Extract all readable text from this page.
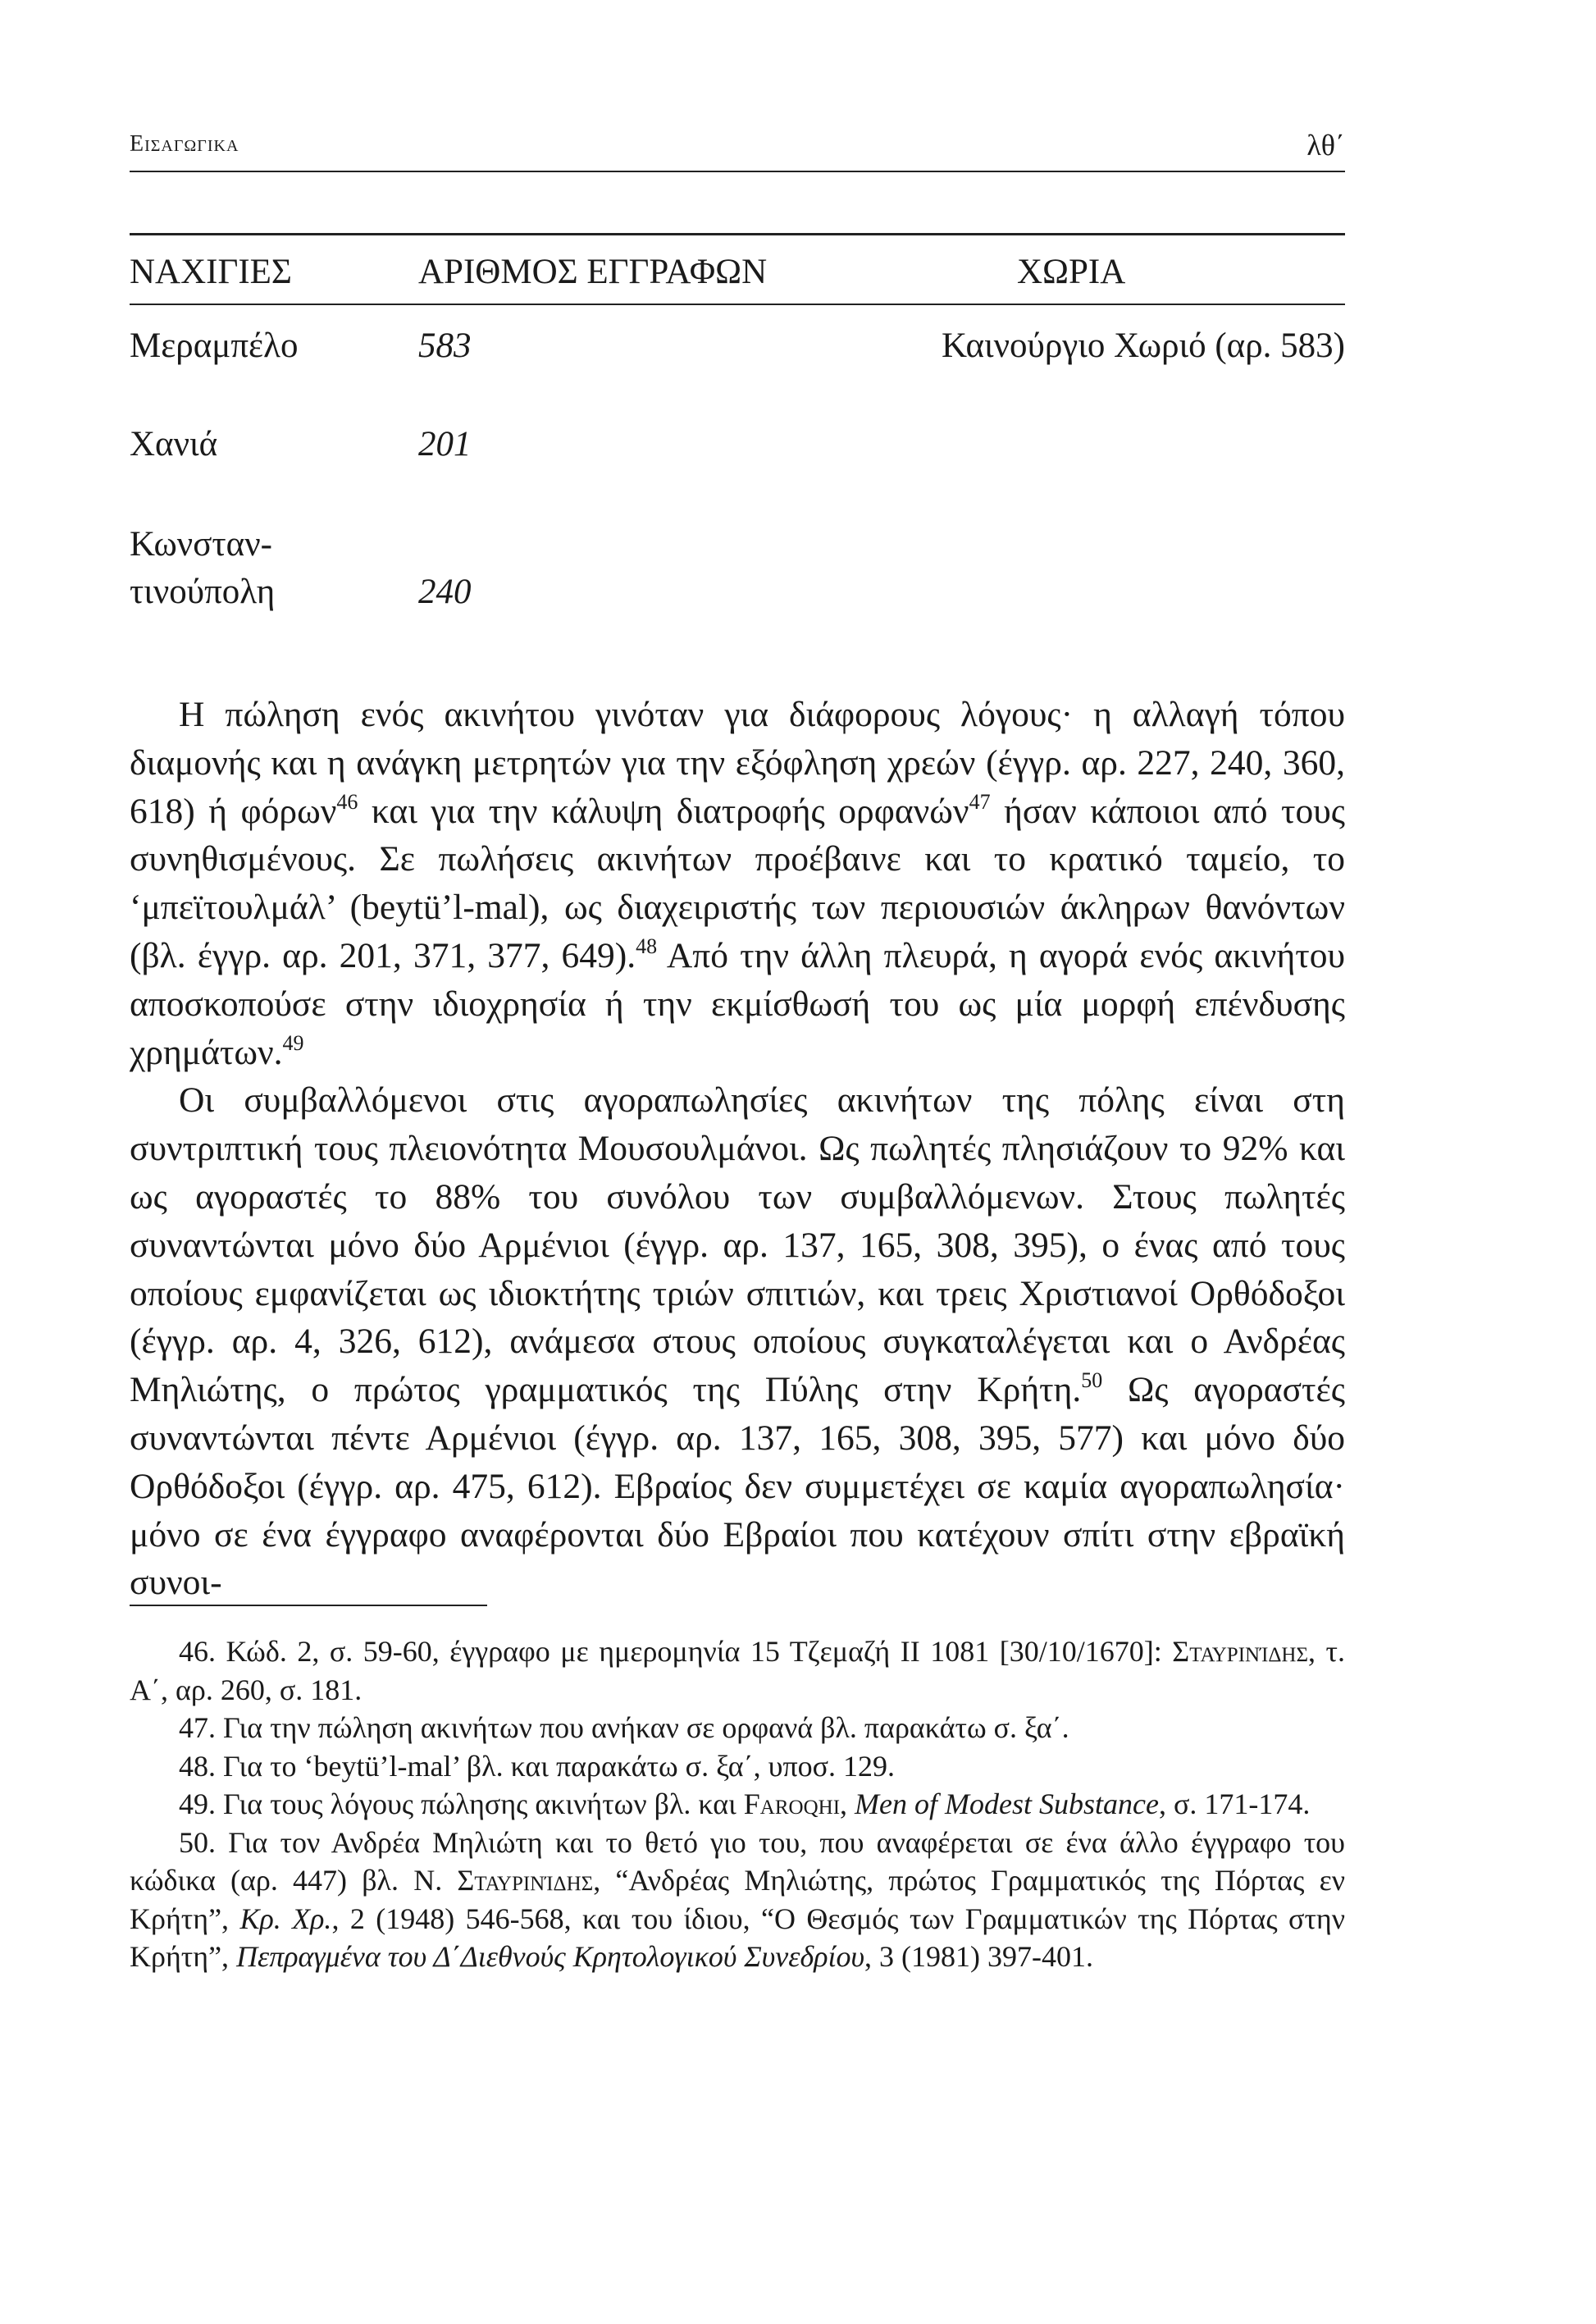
Εισαγωγικα	λθ΄
ΝΑΧΙΓΙΕΣ	ΑΡΙΘΜΟΣ ΕΓΓΡΑΦΩΝ	ΧΩΡΙΑ
Μεραμπέλο	583	Καινούργιο Χωριό (αρ. 583)
Χανιά	201	
Κωνσταν-
τινούπολη	240	

Η πώληση ενός ακινήτου γινόταν για διάφορους λόγους· η αλλαγή τόπου διαμονής και η ανάγκη μετρητών για την εξόφληση χρεών (έγγρ. αρ. 227, 240, 360, 618) ή φόρων$^{46}$ και για την κάλυψη διατροφής ορφανών$^{47}$ ήσαν κάποιοι από τους συνηθισμένους. Σε πωλήσεις ακινήτων προέβαινε και το κρατικό ταμείο, το ‘μπεϊτουλμάλ’ (beytü’l-mal), ως διαχειριστής των περιουσιών άκληρων θανόντων (βλ. έγγρ. αρ. 201, 371, 377, 649).$^{48}$ Από την άλλη πλευρά, η αγορά ενός ακινήτου αποσκοπούσε στην ιδιοχρησία ή την εκμίσθωσή του ως μία μορφή επένδυσης χρημάτων.$^{49}$

Οι συμβαλλόμενοι στις αγοραπωλησίες ακινήτων της πόλης είναι στη συντριπτική τους πλειονότητα Μουσουλμάνοι. Ως πωλητές πλησιάζουν το 92% και ως αγοραστές το 88% του συνόλου των συμβαλλόμενων. Στους πωλητές συναντώνται μόνο δύο Αρμένιοι (έγγρ. αρ. 137, 165, 308, 395), ο ένας από τους οποίους εμφανίζεται ως ιδιοκτήτης τριών σπιτιών, και τρεις Χριστιανοί Ορθόδοξοι (έγγρ. αρ. 4, 326, 612), ανάμεσα στους οποίους συγκαταλέγεται και ο Ανδρέας Μηλιώτης, ο πρώτος γραμματικός της Πύλης στην Κρήτη.$^{50}$ Ως αγοραστές συναντώνται πέντε Αρμένιοι (έγγρ. αρ. 137, 165, 308, 395, 577) και μόνο δύο Ορθόδοξοι (έγγρ. αρ. 475, 612). Εβραίος δεν συμμετέχει σε καμία αγοραπωλησία· μόνο σε ένα έγγραφο αναφέρονται δύο Εβραίοι που κατέχουν σπίτι στην εβραϊκή συνοι-

46. Κώδ. 2, σ. 59-60, έγγραφο με ημερομηνία 15 Τζεμαζή ΙΙ 1081 [30/10/1670]: Σταυρινίδης, τ. Α΄, αρ. 260, σ. 181.

47. Για την πώληση ακινήτων που ανήκαν σε ορφανά βλ. παρακάτω σ. ξα΄.

48. Για το ‘beytü’l-mal’ βλ. και παρακάτω σ. ξα΄, υποσ. 129.

49. Για τους λόγους πώλησης ακινήτων βλ. και Faroqhi, Men of Modest Substance, σ. 171-174.

50. Για τον Ανδρέα Μηλιώτη και το θετό γιο του, που αναφέρεται σε ένα άλλο έγγραφο του κώδικα (αρ. 447) βλ. Ν. Σταυρινίδης, “Ανδρέας Μηλιώτης, πρώτος Γραμματικός της Πόρτας εν Κρήτη”, Κρ. Χρ., 2 (1948) 546-568, και του ίδιου, “Ο Θεσμός των Γραμματικών της Πόρτας στην Κρήτη”, Πεπραγμένα του Δ΄Διεθνούς Κρητολογικού Συνεδρίου, 3 (1981) 397-401.
